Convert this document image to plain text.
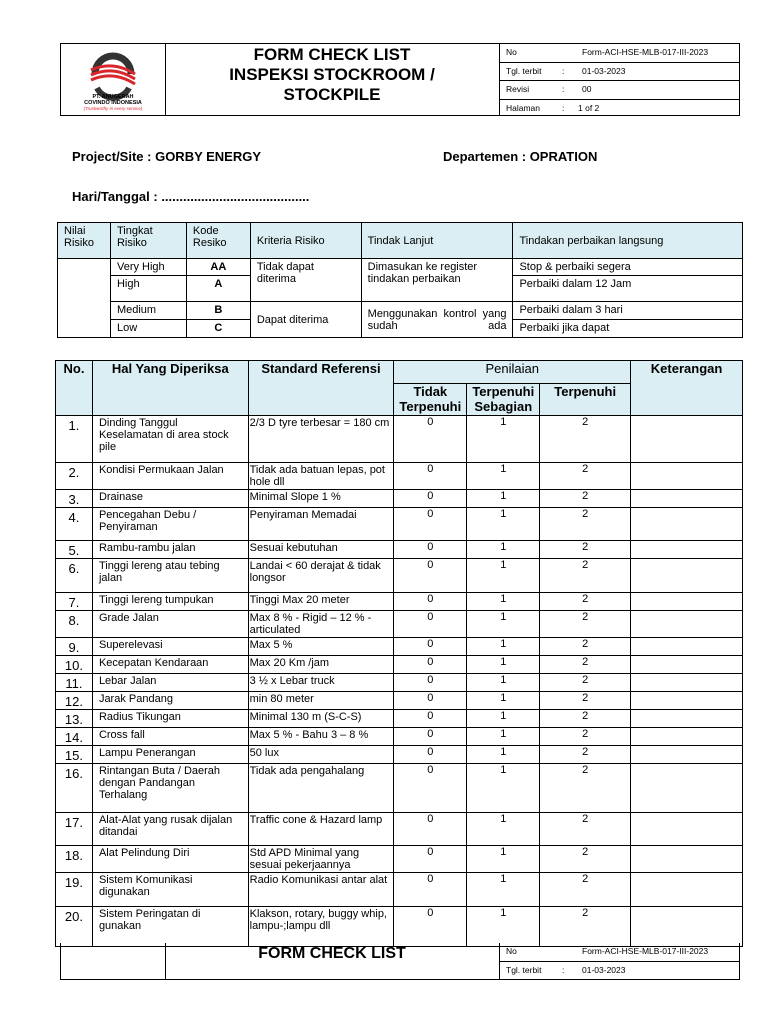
PT. ANUGERAH
COVINDO INDONESIA
(Trustworthy in every service)
FORM CHECK LIST
INSPEKSI STOCKROOM /
STOCKPILE
No	Form-ACI-HSE-MLB-017-III-2023
Tgl. terbit : 01-03-2023
Revisi	: 00
Halaman	: 1 of 2
Project/Site : GORBY ENERGY	Departemen : OPRATION
Hari/Tanggal : .........................................
Nilai Risiko	Tingkat Risiko	Kode Resiko	Kriteria Risiko	Tindak Lanjut	Tindakan perbaikan langsung
	Very High	AA	Tidak dapat diterima	Dimasukan ke register tindakan perbaikan	Stop & perbaiki segera
	High	A			Perbaiki dalam 12 Jam
	Medium	B	Dapat diterima	Menggunakan kontrol yang sudah ada	Perbaiki dalam 3 hari
	Low	C			Perbaiki jika dapat
No.	Hal Yang Diperiksa	Standard Referensi	Penilaian			Keterangan
			Tidak Terpenuhi	Terpenuhi Sebagian	Terpenuhi	
1.	Dinding Tanggul Keselamatan di area stock pile	2/3 D tyre terbesar = 180 cm	0	1	2	
2.	Kondisi Permukaan Jalan	Tidak ada batuan lepas, pot hole dll	0	1	2	
3.	Drainase	Minimal Slope 1 %	0	1	2	
4.	Pencegahan Debu / Penyiraman	Penyiraman Memadai	0	1	2	
5.	Rambu-rambu jalan	Sesuai kebutuhan	0	1	2	
6.	Tinggi lereng atau tebing jalan	Landai < 60 derajat & tidak longsor	0	1	2	
7.	Tinggi lereng tumpukan	Tinggi Max 20 meter	0	1	2	
8.	Grade Jalan	Max 8 % - Rigid – 12 % - articulated	0	1	2	
9.	Superelevasi	Max 5 %	0	1	2	
10.	Kecepatan Kendaraan	Max 20 Km /jam	0	1	2	
11.	Lebar Jalan	3 ½ x Lebar truck	0	1	2	
12.	Jarak Pandang	min 80 meter	0	1	2	
13.	Radius Tikungan	Minimal 130 m (S-C-S)	0	1	2	
14.	Cross fall	Max 5 % - Bahu 3 – 8 %	0	1	2	
15.	Lampu Penerangan	50 lux	0	1	2	
16.	Rintangan Buta / Daerah dengan Pandangan Terhalang	Tidak ada pengahalang	0	1	2	
17.	Alat-Alat yang rusak dijalan ditandai	Traffic cone & Hazard lamp	0	1	2	
18.	Alat Pelindung Diri	Std APD Minimal yang sesuai pekerjaannya	0	1	2	
19.	Sistem Komunikasi digunakan	Radio Komunikasi antar alat	0	1	2	
20.	Sistem Peringatan di gunakan	Klakson, rotary, buggy whip, lampu-;lampu dll	0	1	2	
FORM CHECK LIST	No	Form-ACI-HSE-MLB-017-III-2023
Tgl. terbit : 01-03-2023
